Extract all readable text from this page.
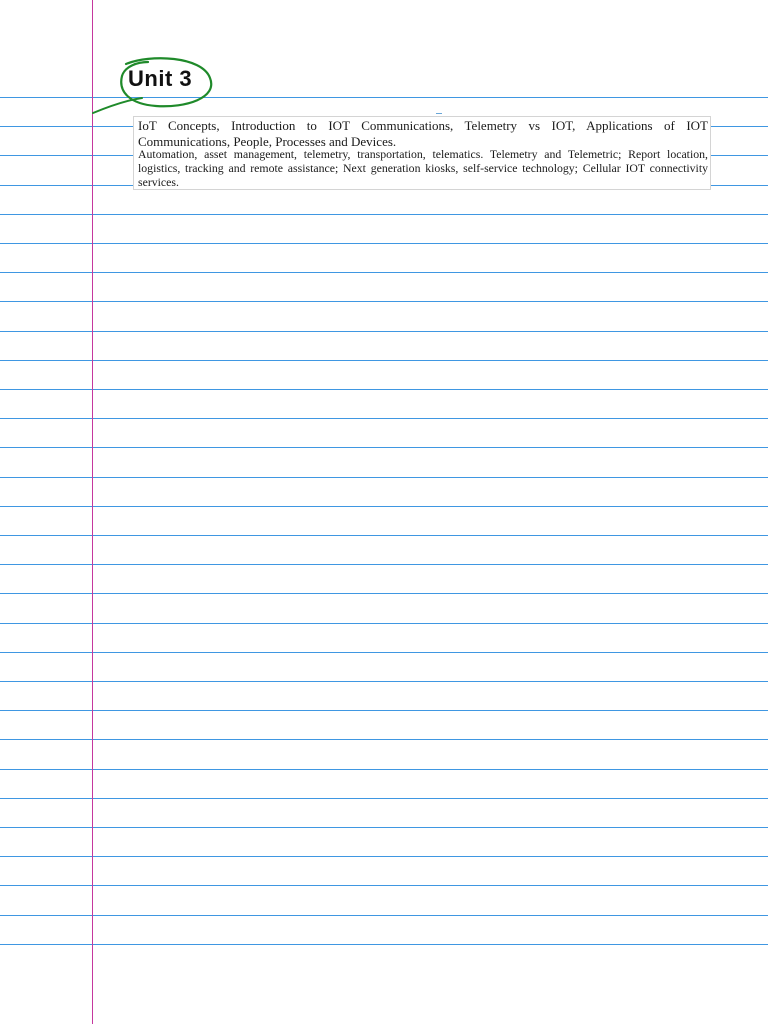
Unit 3

IoT Concepts, Introduction to IOT Communications, Telemetry vs IOT, Applications of IOT Communications, People, Processes and Devices.

Automation, asset management, telemetry, transportation, telematics. Telemetry and Telemetric; Report location, logistics, tracking and remote assistance; Next generation kiosks, self-service technology; Cellular IOT connectivity services.
